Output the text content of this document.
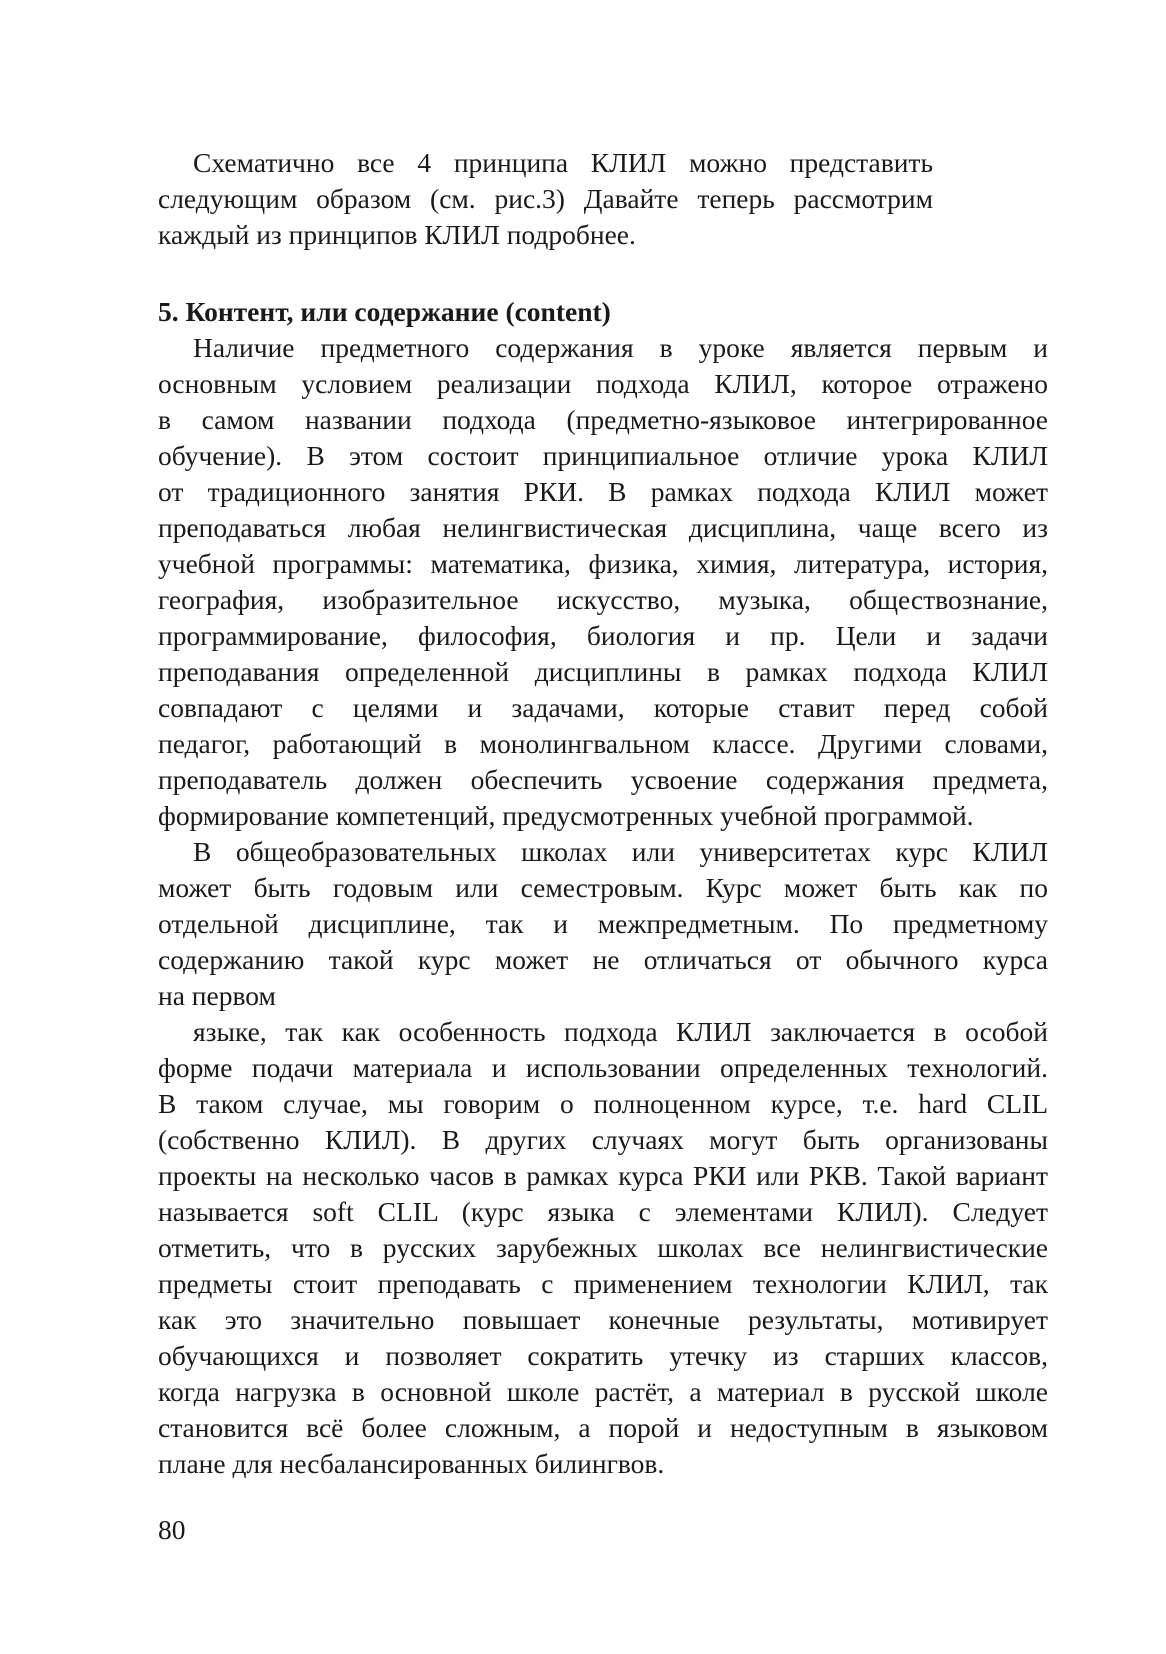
Схематично все 4 принципа КЛИЛ можно представить
следующим образом (см. рис.3) Давайте теперь рассмотрим
каждый из принципов КЛИЛ подробнее.
5. Контент, или содержание (content)
Наличие предметного содержания в уроке является первым и
основным условием реализации подхода КЛИЛ, которое отражено
в самом названии подхода (предметно-языковое интегрированное
обучение). В этом состоит принципиальное отличие урока КЛИЛ
от традиционного занятия РКИ. В рамках подхода КЛИЛ может
преподаваться любая нелингвистическая дисциплина, чаще всего из
учебной программы: математика, физика, химия, литература, история,
география, изобразительное искусство, музыка, обществознание,
программирование, философия, биология и пр. Цели и задачи
преподавания определенной дисциплины в рамках подхода КЛИЛ
совпадают с целями и задачами, которые ставит перед собой
педагог, работающий в монолингвальном классе. Другими словами,
преподаватель должен обеспечить усвоение содержания предмета,
формирование компетенций, предусмотренных учебной программой.
В общеобразовательных школах или университетах курс КЛИЛ
может быть годовым или семестровым. Курс может быть как по
отдельной дисциплине, так и межпредметным. По предметному
содержанию такой курс может не отличаться от обычного курса
на первом
языке, так как особенность подхода КЛИЛ заключается в особой
форме подачи материала и использовании определенных технологий.
В таком случае, мы говорим о полноценном курсе, т.е. hard CLIL
(собственно КЛИЛ). В других случаях могут быть организованы
проекты на несколько часов в рамках курса РКИ или РКВ. Такой вариант
называется soft CLIL (курс языка с элементами КЛИЛ). Следует
отметить, что в русских зарубежных школах все нелингвистические
предметы стоит преподавать с применением технологии КЛИЛ, так
как это значительно повышает конечные результаты, мотивирует
обучающихся и позволяет сократить утечку из старших классов,
когда нагрузка в основной школе растёт, а материал в русской школе
становится всё более сложным, а порой и недоступным в языковом
плане для несбалансированных билингвов.
80
